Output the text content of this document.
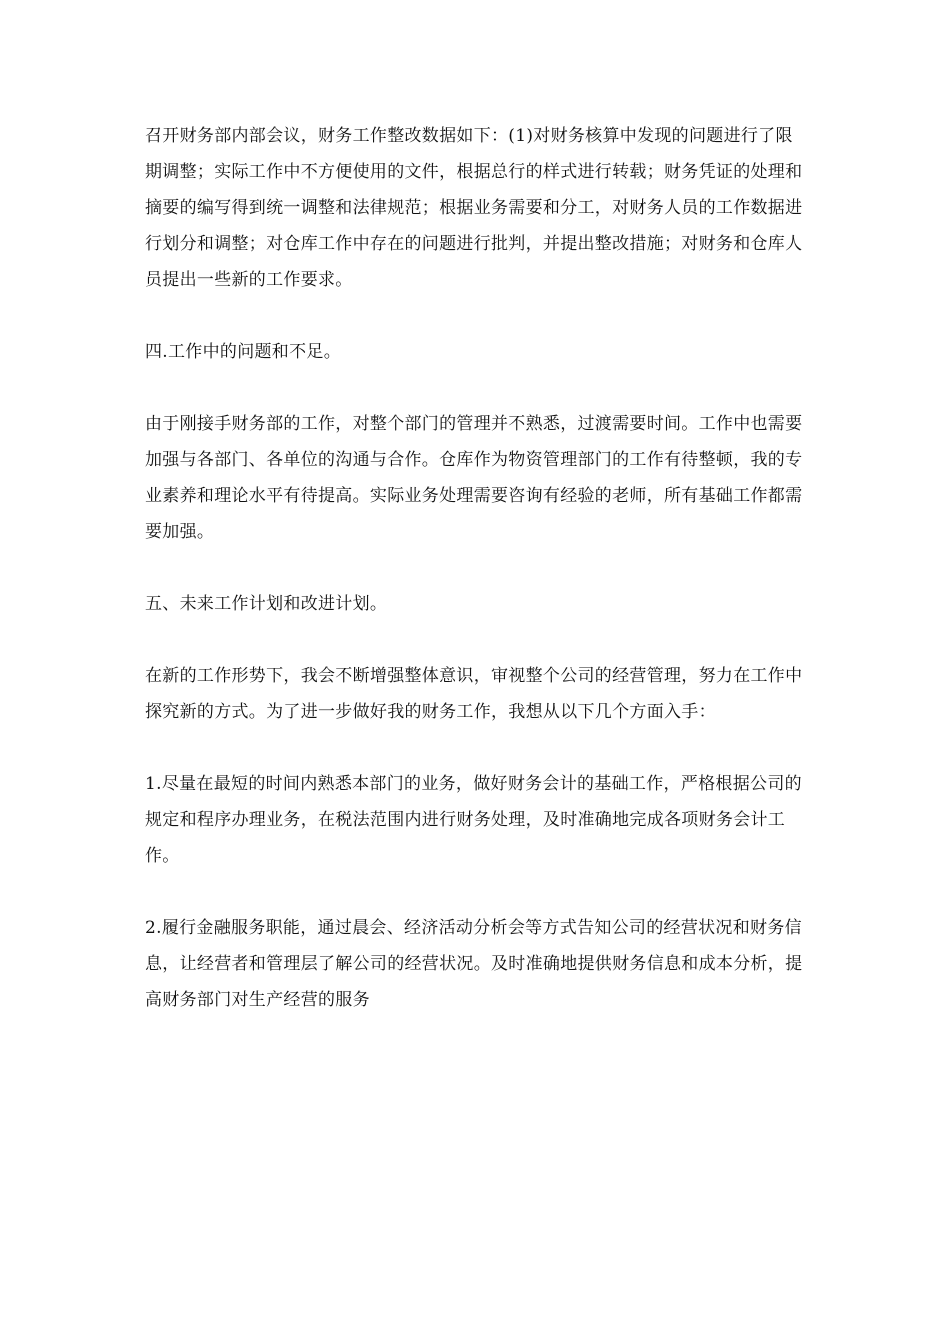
召开财务部内部会议，财务工作整改数据如下：(1)对财务核算中发现的问题进行了限期调整；实际工作中不方便使用的文件，根据总行的样式进行转载；财务凭证的处理和摘要的编写得到统一调整和法律规范；根据业务需要和分工，对财务人员的工作数据进行划分和调整；对仓库工作中存在的问题进行批判，并提出整改措施；对财务和仓库人员提出一些新的工作要求。

四.工作中的问题和不足。

由于刚接手财务部的工作，对整个部门的管理并不熟悉，过渡需要时间。工作中也需要加强与各部门、各单位的沟通与合作。仓库作为物资管理部门的工作有待整顿，我的专业素养和理论水平有待提高。实际业务处理需要咨询有经验的老师，所有基础工作都需要加强。

五、未来工作计划和改进计划。

在新的工作形势下，我会不断增强整体意识，审视整个公司的经营管理，努力在工作中探究新的方式。为了进一步做好我的财务工作，我想从以下几个方面入手：

1.尽量在最短的时间内熟悉本部门的业务，做好财务会计的基础工作，严格根据公司的规定和程序办理业务，在税法范围内进行财务处理，及时准确地完成各项财务会计工作。

2.履行金融服务职能，通过晨会、经济活动分析会等方式告知公司的经营状况和财务信息，让经营者和管理层了解公司的经营状况。及时准确地提供财务信息和成本分析，提高财务部门对生产经营的服务
